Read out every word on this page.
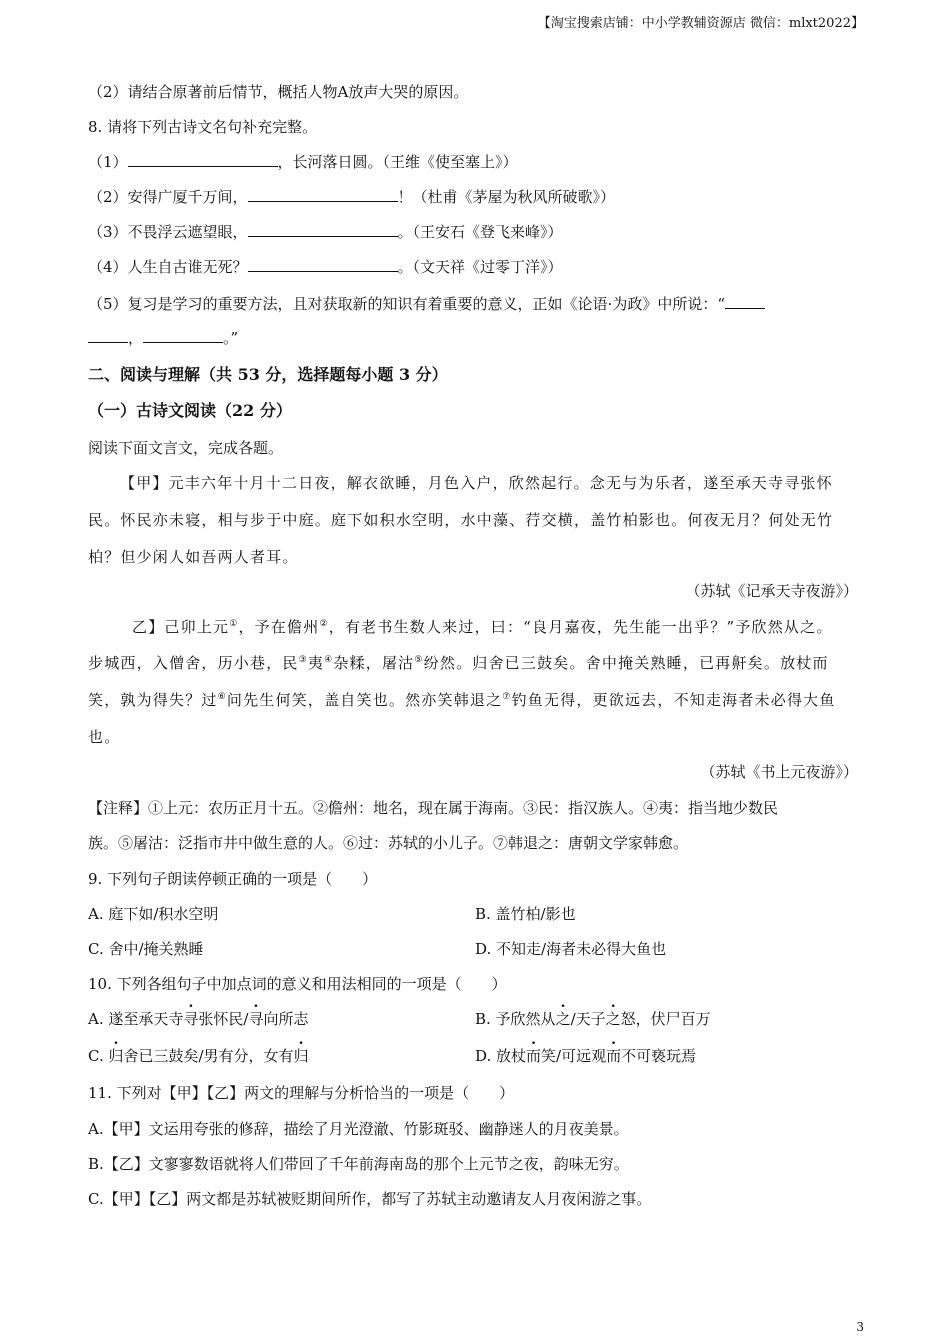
【淘宝搜索店铺：中小学教辅资源店 微信：mlxt2022】
（2）请结合原著前后情节，概括人物A放声大哭的原因。
8. 请将下列古诗文名句补充完整。
（1）	，长河落日圆。（王维《使至塞上》）
（2）安得广厦千万间，	！（杜甫《茅屋为秋风所破歌》）
（3）不畏浮云遮望眼，	。（王安石《登飞来峰》）
（4）人生自古谁无死？	。（文天祥《过零丁洋》）
（5）复习是学习的重要方法，且对获取新的知识有着重要的意义，正如《论语·为政》中所说：“
，	。”
二、阅读与理解（共 53 分，选择题每小题 3 分）
（一）古诗文阅读（22 分）
阅读下面文言文，完成各题。
【甲】元丰六年十月十二日夜，解衣欲睡，月色入户，欣然起行。念无与为乐者，遂至承天寺寻张怀
民。怀民亦未寝，相与步于中庭。庭下如积水空明，水中藻、荇交横，盖竹柏影也。何夜无月？何处无竹
柏？但少闲人如吾两人者耳。
（苏轼《记承天寺夜游》）
乙】己卯上元①，予在儋州②，有老书生数人来过，曰：“良月嘉夜，先生能一出乎？”予欣然从之。
步城西，入僧舍，历小巷，民③夷④杂糅，屠沽⑤纷然。归舍已三鼓矣。舍中掩关熟睡，已再鼾矣。放杖而
笑，孰为得失？过⑥问先生何笑，盖自笑也。然亦笑韩退之⑦钓鱼无得，更欲远去，不知走海者未必得大鱼
也。
（苏轼《书上元夜游》）
【注释】①上元：农历正月十五。②儋州：地名，现在属于海南。③民：指汉族人。④夷：指当地少数民
族。⑤屠沽：泛指市井中做生意的人。⑥过：苏轼的小儿子。⑦韩退之：唐朝文学家韩愈。
9. 下列句子朗读停顿正确的一项是（　　）
A. 庭下如/积水空明	B. 盖竹柏/影也
C. 舍中/掩关熟睡	D. 不知走/海者未必得大鱼也
10. 下列各组句子中加点词的意义和用法相同的一项是（　　）
A. 遂至承天寺寻张怀民/寻向所志	B. 予欣然从之/天子之怒，伏尸百万
C. 归舍已三鼓矣/男有分，女有归	D. 放杖而笑/可远观而不可亵玩焉
11. 下列对【甲】【乙】两文的理解与分析恰当的一项是（　　）
A.【甲】文运用夸张的修辞，描绘了月光澄澈、竹影斑驳、幽静迷人的月夜美景。
B.【乙】文寥寥数语就将人们带回了千年前海南岛的那个上元节之夜，韵味无穷。
C.【甲】【乙】两文都是苏轼被贬期间所作，都写了苏轼主动邀请友人月夜闲游之事。
3
